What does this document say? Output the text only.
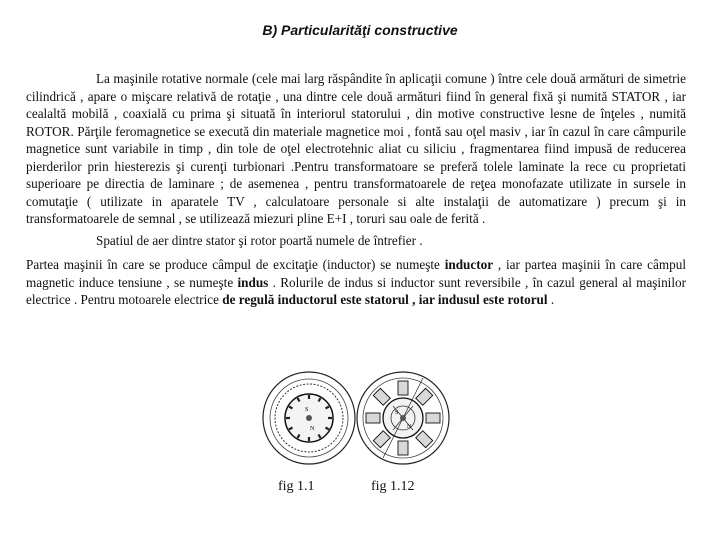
B) Particularităţi constructive

La maşinile rotative normale (cele mai larg răspândite în aplicaţii comune ) între cele două armături de simetrie cilindrică , apare o mişcare relativă de rotaţie , una dintre cele două armături fiind în general fixă şi numită STATOR , iar cealaltă mobilă , coaxială cu prima şi situată în interiorul statorului , din motive constructive lesne de înţeles , numită ROTOR. Părţile feromagnetice se execută din materiale magnetice moi , fontă sau oţel masiv , iar în cazul în care câmpurile magnetice sunt variabile in timp , din tole de oţel electrotehnic aliat cu siliciu , fragmentarea fiind impusă de reducerea pierderilor prin hiesterezis şi curenţi turbionari .Pentru transformatoare se preferă tolele laminate la rece cu proprietati superioare pe directia de laminare ; de asemenea , pentru transformatoarele de reţea monofazate utilizate in sursele in comutaţie ( utilizate in aparatele TV , calculatoare personale si alte instalaţii de automatizare ) precum şi in transformatoarele de semnal , se utilizează miezuri pline E+I , toruri sau oale de ferită .

Spatiul de aer dintre stator şi rotor poartă numele de întrefier .

Partea maşinii în care se produce câmpul de excitaţie (inductor) se numeşte inductor , iar partea maşinii în care câmpul magnetic induce tensiune , se numeşte indus . Rolurile de indus si inductor sunt reversibile , în cazul general al maşinilor electrice . Pentru motoarele electrice de regulă inductorul este statorul , iar indusul este rotorul .

S
N
S
N
fig 1.1	fig 1.12
